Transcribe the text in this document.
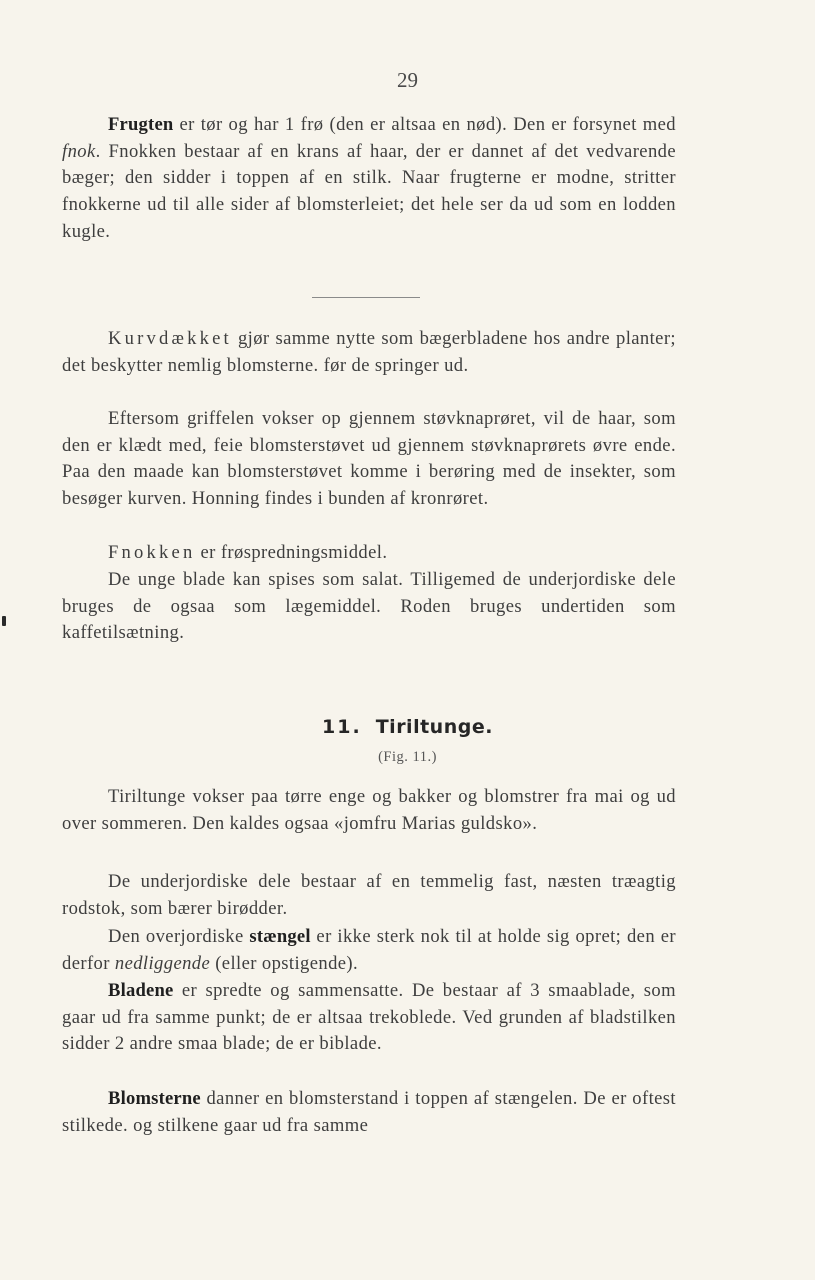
29

Frugten er tør og har 1 frø (den er altsaa en nød). Den er forsynet med fnok. Fnokken bestaar af en krans af haar, der er dannet af det vedvarende bæger; den sidder i toppen af en stilk. Naar frugterne er modne, stritter fnokkerne ud til alle sider af blomsterleiet; det hele ser da ud som en lodden kugle.

Kurvdækket gjør samme nytte som bægerbladene hos andre planter; det beskytter nemlig blomsterne. før de springer ud.

Eftersom griffelen vokser op gjennem støvknaprøret, vil de haar, som den er klædt med, feie blomsterstøvet ud gjennem støvknaprørets øvre ende. Paa den maade kan blomsterstøvet komme i berøring med de insekter, som besøger kurven. Honning findes i bunden af kronrøret.

Fnokken er frøspredningsmiddel.

De unge blade kan spises som salat. Tilligemed de underjordiske dele bruges de ogsaa som lægemiddel. Roden bruges undertiden som kaffetilsætning.

11. Tiriltunge.
(Fig. 11.)

Tiriltunge vokser paa tørre enge og bakker og blomstrer fra mai og ud over sommeren. Den kaldes ogsaa «jomfru Marias guldsko».

De underjordiske dele bestaar af en temmelig fast, næsten træagtig rodstok, som bærer birødder.

Den overjordiske stængel er ikke sterk nok til at holde sig opret; den er derfor nedliggende (eller opstigende).

Bladene er spredte og sammensatte. De bestaar af 3 smaablade, som gaar ud fra samme punkt; de er altsaa trekoblede. Ved grunden af bladstilken sidder 2 andre smaa blade; de er biblade.

Blomsterne danner en blomsterstand i toppen af stængelen. De er oftest stilkede. og stilkene gaar ud fra samme
